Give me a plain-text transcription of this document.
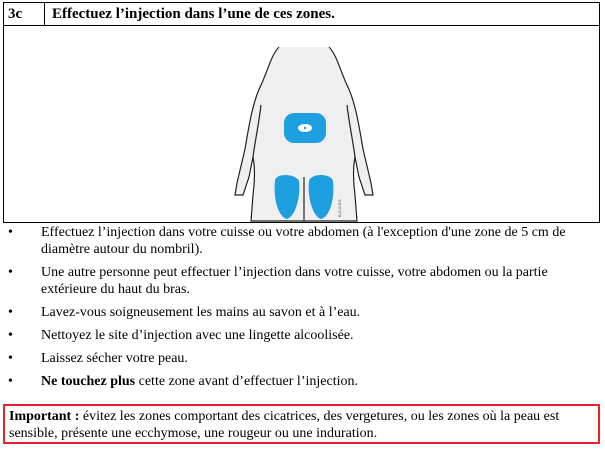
3c Effectuez l’injection dans l’une de ces zones.
B-C-0-0-5
• Effectuez l’injection dans votre cuisse ou votre abdomen (à l'exception d'une zone de 5 cm de diamètre autour du nombril).
• Une autre personne peut effectuer l’injection dans votre cuisse, votre abdomen ou la partie extérieure du haut du bras.
• Lavez-vous soigneusement les mains au savon et à l’eau.
• Nettoyez le site d’injection avec une lingette alcoolisée.
• Laissez sécher votre peau.
• Ne touchez plus cette zone avant d’effectuer l’injection.
Important : évitez les zones comportant des cicatrices, des vergetures, ou les zones où la peau est sensible, présente une ecchymose, une rougeur ou une induration.
